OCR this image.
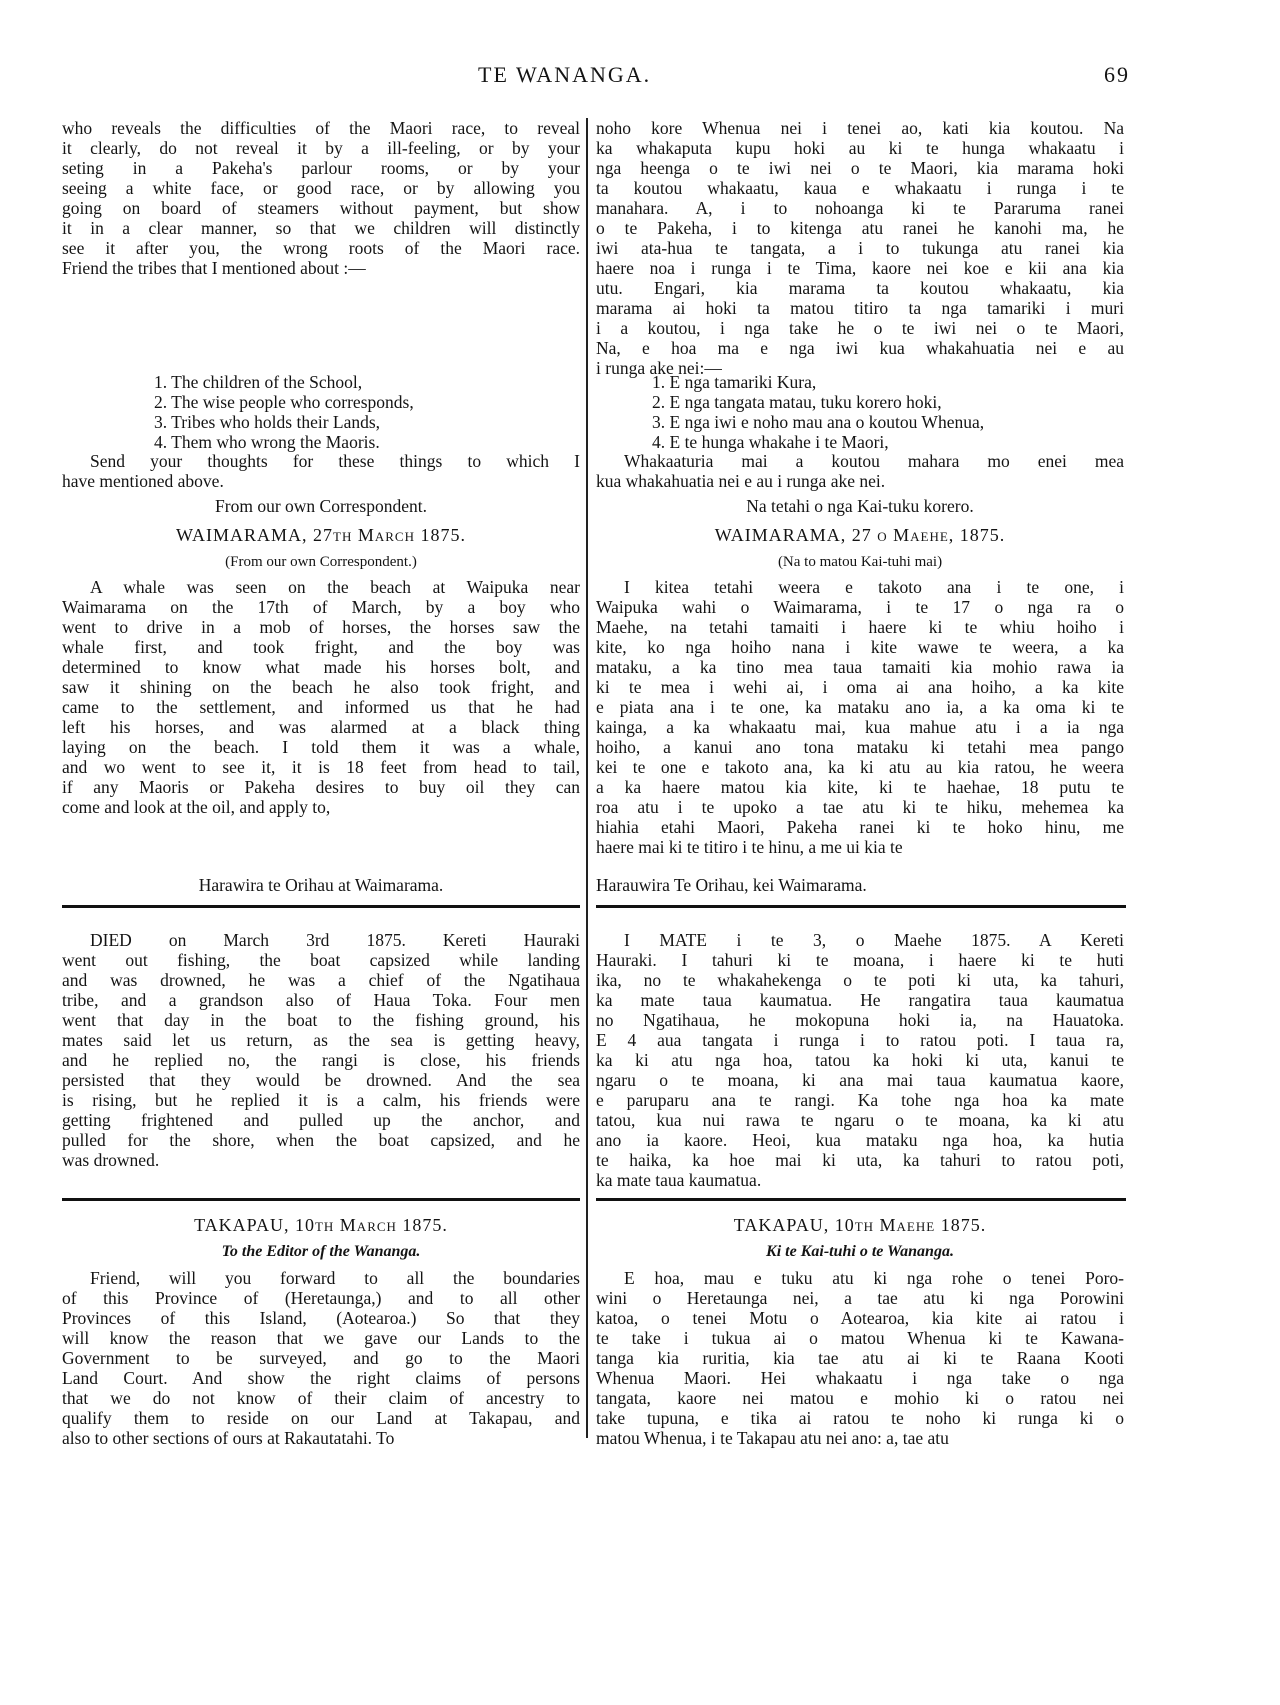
TE WANANGA.	69
who reveals the difficulties of the Maori race, to reveal
it clearly, do not reveal it by a ill-feeling, or by your
seting in a Pakeha's parlour rooms, or by your
seeing a white face, or good race, or by allowing you
going on board of steamers without payment, but show
it in a clear manner, so that we children will distinctly
see it after you, the wrong roots of the Maori race.
Friend the tribes that I mentioned about :—
1. The children of the School,
2. The wise people who corresponds,
3. Tribes who holds their Lands,
4. Them who wrong the Maoris.
Send your thoughts for these things to which I
have mentioned above.
From our own Correspondent.
WAIMARAMA, 27th March 1875.
(From our own Correspondent.)
A whale was seen on the beach at Waipuka near
Waimarama on the 17th of March, by a boy who
went to drive in a mob of horses, the horses saw the
whale first, and took fright, and the boy was
determined to know what made his horses bolt, and
saw it shining on the beach he also took fright, and
came to the settlement, and informed us that he had
left his horses, and was alarmed at a black thing
laying on the beach. I told them it was a whale,
and wo went to see it, it is 18 feet from head to tail,
if any Maoris or Pakeha desires to buy oil they can
come and look at the oil, and apply to,
Harawira te Orihau at Waimarama.
DIED on March 3rd 1875. Kereti Hauraki
went out fishing, the boat capsized while landing
and was drowned, he was a chief of the Ngatihaua
tribe, and a grandson also of Haua Toka. Four men
went that day in the boat to the fishing ground, his
mates said let us return, as the sea is getting heavy,
and he replied no, the rangi is close, his friends
persisted that they would be drowned. And the sea
is rising, but he replied it is a calm, his friends were
getting frightened and pulled up the anchor, and
pulled for the shore, when the boat capsized, and he
was drowned.
TAKAPAU, 10th March 1875.
To the Editor of the Wananga.
Friend, will you forward to all the boundaries
of this Province of (Heretaunga,) and to all other
Provinces of this Island, (Aotearoa.) So that they
will know the reason that we gave our Lands to the
Government to be surveyed, and go to the Maori
Land Court. And show the right claims of persons
that we do not know of their claim of ancestry to
qualify them to reside on our Land at Takapau, and
also to other sections of ours at Rakautatahi. To
noho kore Whenua nei i tenei ao, kati kia koutou. Na
ka whakaputa kupu hoki au ki te hunga whakaatu i
nga heenga o te iwi nei o te Maori, kia marama hoki
ta koutou whakaatu, kaua e whakaatu i runga i te
manahara. A, i to nohoanga ki te Pararuma ranei
o te Pakeha, i to kitenga atu ranei he kanohi ma, he
iwi ata-hua te tangata, a i to tukunga atu ranei kia
haere noa i runga i te Tima, kaore nei koe e kii ana kia
utu. Engari, kia marama ta koutou whakaatu, kia
marama ai hoki ta matou titiro ta nga tamariki i muri
i a koutou, i nga take he o te iwi nei o te Maori,
Na, e hoa ma e nga iwi kua whakahuatia nei e au
i runga ake nei:—
1. E nga tamariki Kura,
2. E nga tangata matau, tuku korero hoki,
3. E nga iwi e noho mau ana o koutou Whenua,
4. E te hunga whakahe i te Maori,
Whakaaturia mai a koutou mahara mo enei mea
kua whakahuatia nei e au i runga ake nei.
Na tetahi o nga Kai-tuku korero.
WAIMARAMA, 27 o Maehe, 1875.
(Na to matou Kai-tuhi mai)
I kitea tetahi weera e takoto ana i te one, i
Waipuka wahi o Waimarama, i te 17 o nga ra o
Maehe, na tetahi tamaiti i haere ki te whiu hoiho i
kite, ko nga hoiho nana i kite wawe te weera, a ka
mataku, a ka tino mea taua tamaiti kia mohio rawa ia
ki te mea i wehi ai, i oma ai ana hoiho, a ka kite
e piata ana i te one, ka mataku ano ia, a ka oma ki te
kainga, a ka whakaatu mai, kua mahue atu i a ia nga
hoiho, a kanui ano tona mataku ki tetahi mea pango
kei te one e takoto ana, ka ki atu au kia ratou, he weera
a ka haere matou kia kite, ki te haehae, 18 putu te
roa atu i te upoko a tae atu ki te hiku, mehemea ka
hiahia etahi Maori, Pakeha ranei ki te hoko hinu, me
haere mai ki te titiro i te hinu, a me ui kia te
Harauwira Te Orihau, kei Waimarama.
I MATE i te 3, o Maehe 1875. A Kereti
Hauraki. I tahuri ki te moana, i haere ki te huti
ika, no te whakahekenga o te poti ki uta, ka tahuri,
ka mate taua kaumatua. He rangatira taua kaumatua
no Ngatihaua, he mokopuna hoki ia, na Hauatoka.
E 4 aua tangata i runga i to ratou poti. I taua ra,
ka ki atu nga hoa, tatou ka hoki ki uta, kanui te
ngaru o te moana, ki ana mai taua kaumatua kaore,
e paruparu ana te rangi. Ka tohe nga hoa ka mate
tatou, kua nui rawa te ngaru o te moana, ka ki atu
ano ia kaore. Heoi, kua mataku nga hoa, ka hutia
te haika, ka hoe mai ki uta, ka tahuri to ratou poti,
ka mate taua kaumatua.
TAKAPAU, 10th Maehe 1875.
Ki te Kai-tuhi o te Wananga.
E hoa, mau e tuku atu ki nga rohe o tenei Poro-
wini o Heretaunga nei, a tae atu ki nga Porowini
katoa, o tenei Motu o Aotearoa, kia kite ai ratou i
te take i tukua ai o matou Whenua ki te Kawana-
tanga kia ruritia, kia tae atu ai ki te Raana Kooti
Whenua Maori. Hei whakaatu i nga take o nga
tangata, kaore nei matou e mohio ki o ratou nei
take tupuna, e tika ai ratou te noho ki runga ki o
matou Whenua, i te Takapau atu nei ano: a, tae atu
